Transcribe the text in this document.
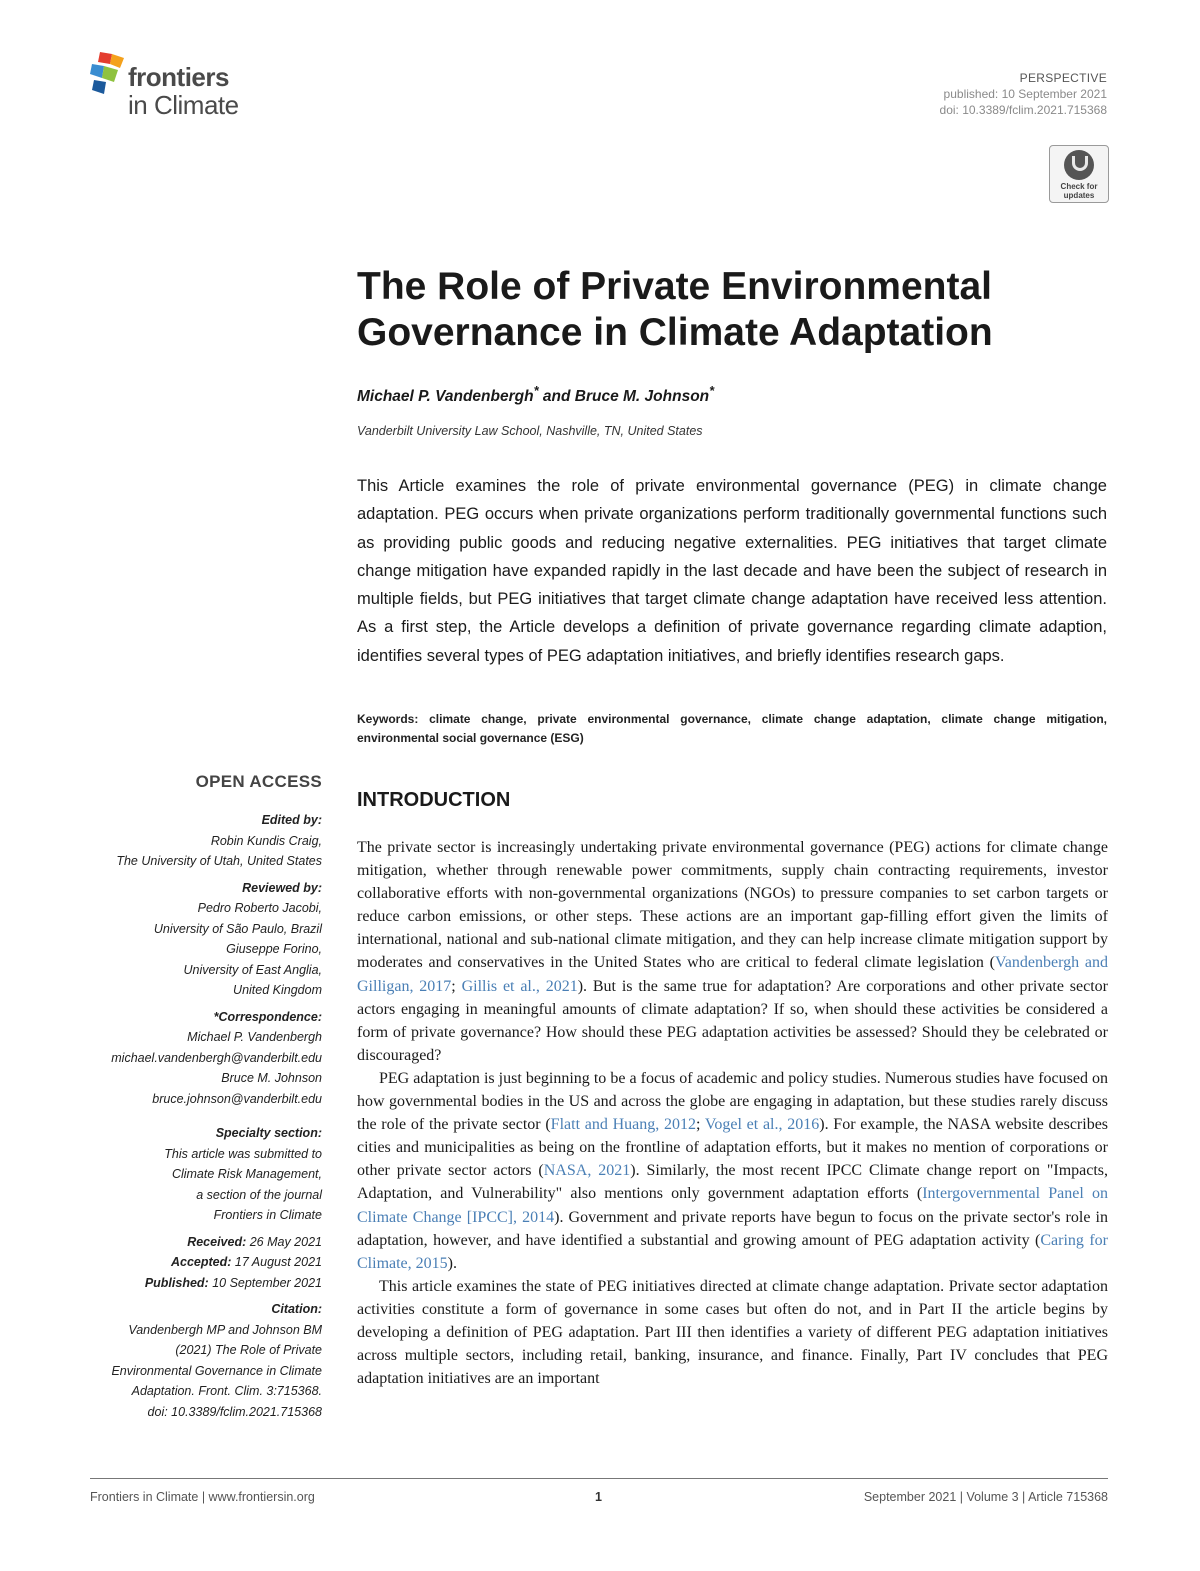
frontiers
in Climate
PERSPECTIVE
published: 10 September 2021
doi: 10.3389/fclim.2021.715368
Check for
updates
The Role of Private Environmental Governance in Climate Adaptation
Michael P. Vandenbergh* and Bruce M. Johnson*
Vanderbilt University Law School, Nashville, TN, United States
This Article examines the role of private environmental governance (PEG) in climate change adaptation. PEG occurs when private organizations perform traditionally governmental functions such as providing public goods and reducing negative externalities. PEG initiatives that target climate change mitigation have expanded rapidly in the last decade and have been the subject of research in multiple fields, but PEG initiatives that target climate change adaptation have received less attention. As a first step, the Article develops a definition of private governance regarding climate adaption, identifies several types of PEG adaptation initiatives, and briefly identifies research gaps.
Keywords: climate change, private environmental governance, climate change adaptation, climate change mitigation, environmental social governance (ESG)
OPEN ACCESS
Edited by:
Robin Kundis Craig,
The University of Utah, United States
Reviewed by:
Pedro Roberto Jacobi,
University of São Paulo, Brazil
Giuseppe Forino,
University of East Anglia,
United Kingdom
*Correspondence:
Michael P. Vandenbergh
michael.vandenbergh@vanderbilt.edu
Bruce M. Johnson
bruce.johnson@vanderbilt.edu
Specialty section:
This article was submitted to
Climate Risk Management,
a section of the journal
Frontiers in Climate
Received: 26 May 2021
Accepted: 17 August 2021
Published: 10 September 2021
Citation:
Vandenbergh MP and Johnson BM
(2021) The Role of Private
Environmental Governance in Climate
Adaptation. Front. Clim. 3:715368.
doi: 10.3389/fclim.2021.715368
INTRODUCTION

The private sector is increasingly undertaking private environmental governance (PEG) actions for climate change mitigation, whether through renewable power commitments, supply chain contracting requirements, investor collaborative efforts with non-governmental organizations (NGOs) to pressure companies to set carbon targets or reduce carbon emissions, or other steps. These actions are an important gap-filling effort given the limits of international, national and sub-national climate mitigation, and they can help increase climate mitigation support by moderates and conservatives in the United States who are critical to federal climate legislation (Vandenbergh and Gilligan, 2017; Gillis et al., 2021). But is the same true for adaptation? Are corporations and other private sector actors engaging in meaningful amounts of climate adaptation? If so, when should these activities be considered a form of private governance? How should these PEG adaptation activities be assessed? Should they be celebrated or discouraged?

PEG adaptation is just beginning to be a focus of academic and policy studies. Numerous studies have focused on how governmental bodies in the US and across the globe are engaging in adaptation, but these studies rarely discuss the role of the private sector (Flatt and Huang, 2012; Vogel et al., 2016). For example, the NASA website describes cities and municipalities as being on the frontline of adaptation efforts, but it makes no mention of corporations or other private sector actors (NASA, 2021). Similarly, the most recent IPCC Climate change report on "Impacts, Adaptation, and Vulnerability" also mentions only government adaptation efforts (Intergovernmental Panel on Climate Change [IPCC], 2014). Government and private reports have begun to focus on the private sector's role in adaptation, however, and have identified a substantial and growing amount of PEG adaptation activity (Caring for Climate, 2015).

This article examines the state of PEG initiatives directed at climate change adaptation. Private sector adaptation activities constitute a form of governance in some cases but often do not, and in Part II the article begins by developing a definition of PEG adaptation. Part III then identifies a variety of different PEG adaptation initiatives across multiple sectors, including retail, banking, insurance, and finance. Finally, Part IV concludes that PEG adaptation initiatives are an important

Frontiers in Climate | www.frontiersin.org	1	September 2021 | Volume 3 | Article 715368
